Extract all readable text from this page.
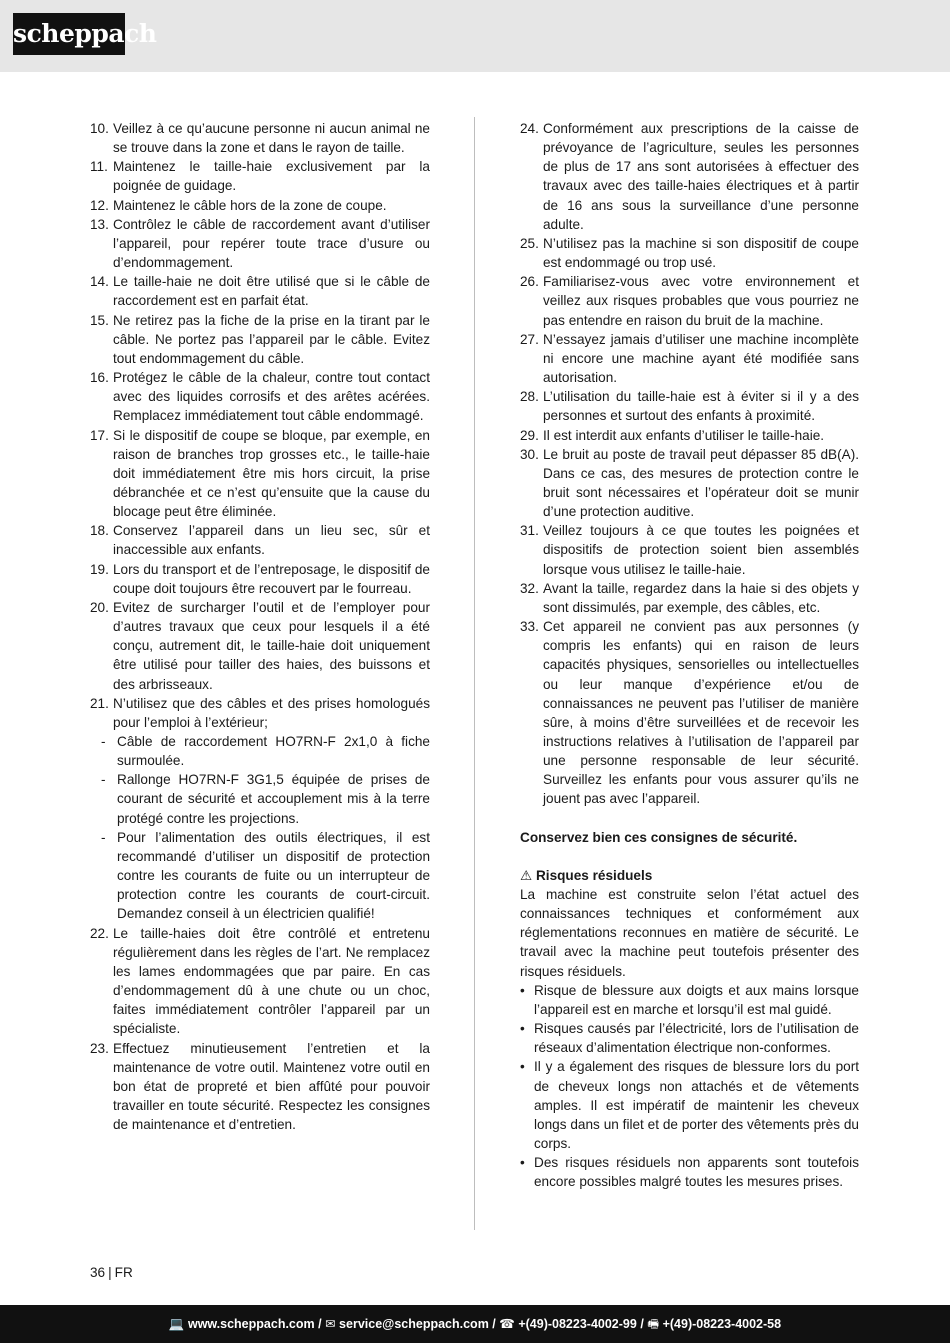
scheppach
10. Veillez à ce qu’aucune personne ni aucun animal ne se trouve dans la zone et dans le rayon de taille.
11. Maintenez le taille-haie exclusivement par la poignée de guidage.
12. Maintenez le câble hors de la zone de coupe.
13. Contrôlez le câble de raccordement avant d’utiliser l’appareil, pour repérer toute trace d’usure ou d’endommagement.
14. Le taille-haie ne doit être utilisé que si le câble de raccordement est en parfait état.
15. Ne retirez pas la fiche de la prise en la tirant par le câble. Ne portez pas l’appareil par le câble. Evitez tout endommagement du câble.
16. Protégez le câble de la chaleur, contre tout contact avec des liquides corrosifs et des arêtes acérées. Remplacez immédiatement tout câble endommagé.
17. Si le dispositif de coupe se bloque, par exemple, en raison de branches trop grosses etc., le taille-haie doit immédiatement être mis hors circuit, la prise débranchée et ce n’est qu’ensuite que la cause du blocage peut être éliminée.
18. Conservez l’appareil dans un lieu sec, sûr et inaccessible aux enfants.
19. Lors du transport et de l’entreposage, le dispositif de coupe doit toujours être recouvert par le fourreau.
20. Evitez de surcharger l’outil et de l’employer pour d’autres travaux que ceux pour lesquels il a été conçu, autrement dit, le taille-haie doit uniquement être utilisé pour tailler des haies, des buissons et des arbrisseaux.
21. N’utilisez que des câbles et des prises homologués pour l’emploi à l’extérieur;
- Câble de raccordement HO7RN-F 2x1,0 à fiche surmoulée.
- Rallonge HO7RN-F 3G1,5 équipée de prises de courant de sécurité et accouplement mis à la terre protégé contre les projections.
- Pour l’alimentation des outils électriques, il est recommandé d’utiliser un dispositif de protection contre les courants de fuite ou un interrupteur de protection contre les courants de court-circuit. Demandez conseil à un électricien qualifié!
22. Le taille-haies doit être contrôlé et entretenu régulièrement dans les règles de l’art. Ne remplacez les lames endommagées que par paire. En cas d’endommagement dû à une chute ou un choc, faites immédiatement contrôler l’appareil par un spécialiste.
23. Effectuez minutieusement l’entretien et la maintenance de votre outil. Maintenez votre outil en bon état de propreté et bien affûté pour pouvoir travailler en toute sécurité. Respectez les consignes de maintenance et d’entretien.
24. Conformément aux prescriptions de la caisse de prévoyance de l’agriculture, seules les personnes de plus de 17 ans sont autorisées à effectuer des travaux avec des taille-haies électriques et à partir de 16 ans sous la surveillance d’une personne adulte.
25. N’utilisez pas la machine si son dispositif de coupe est endommagé ou trop usé.
26. Familiarisez-vous avec votre environnement et veillez aux risques probables que vous pourriez ne pas entendre en raison du bruit de la machine.
27. N’essayez jamais d’utiliser une machine incomplète ni encore une machine ayant été modifiée sans autorisation.
28. L’utilisation du taille-haie est à éviter si il y a des personnes et surtout des enfants à proximité.
29. Il est interdit aux enfants d’utiliser le taille-haie.
30. Le bruit au poste de travail peut dépasser 85 dB(A). Dans ce cas, des mesures de protection contre le bruit sont nécessaires et l’opérateur doit se munir d’une protection auditive.
31. Veillez toujours à ce que toutes les poignées et dispositifs de protection soient bien assemblés lorsque vous utilisez le taille-haie.
32. Avant la taille, regardez dans la haie si des objets y sont dissimulés, par exemple, des câbles, etc.
33. Cet appareil ne convient pas aux personnes (y compris les enfants) qui en raison de leurs capacités physiques, sensorielles ou intellectuelles ou leur manque d’expérience et/ou de connaissances ne peuvent pas l’utiliser de manière sûre, à moins d’être surveillées et de recevoir les instructions relatives à l’utilisation de l’appareil par une personne responsable de leur sécurité. Surveillez les enfants pour vous assurer qu’ils ne jouent pas avec l’appareil.
Conservez bien ces consignes de sécurité.
⚠ Risques résiduels
La machine est construite selon l’état actuel des connaissances techniques et conformément aux réglementations reconnues en matière de sécurité. Le travail avec la machine peut toutefois présenter des risques résiduels.
• Risque de blessure aux doigts et aux mains lorsque l’appareil est en marche et lorsqu’il est mal guidé.
• Risques causés par l’électricité, lors de l’utilisation de réseaux d’alimentation électrique non-conformes.
• Il y a également des risques de blessure lors du port de cheveux longs non attachés et de vêtements amples. Il est impératif de maintenir les cheveux longs dans un filet et de porter des vêtements près du corps.
• Des risques résiduels non apparents sont toutefois encore possibles malgré toutes les mesures prises.
36 | FR
💻 www.scheppach.com / ✉ service@scheppach.com / ☎ +(49)-08223-4002-99 / 🖷 +(49)-08223-4002-58
